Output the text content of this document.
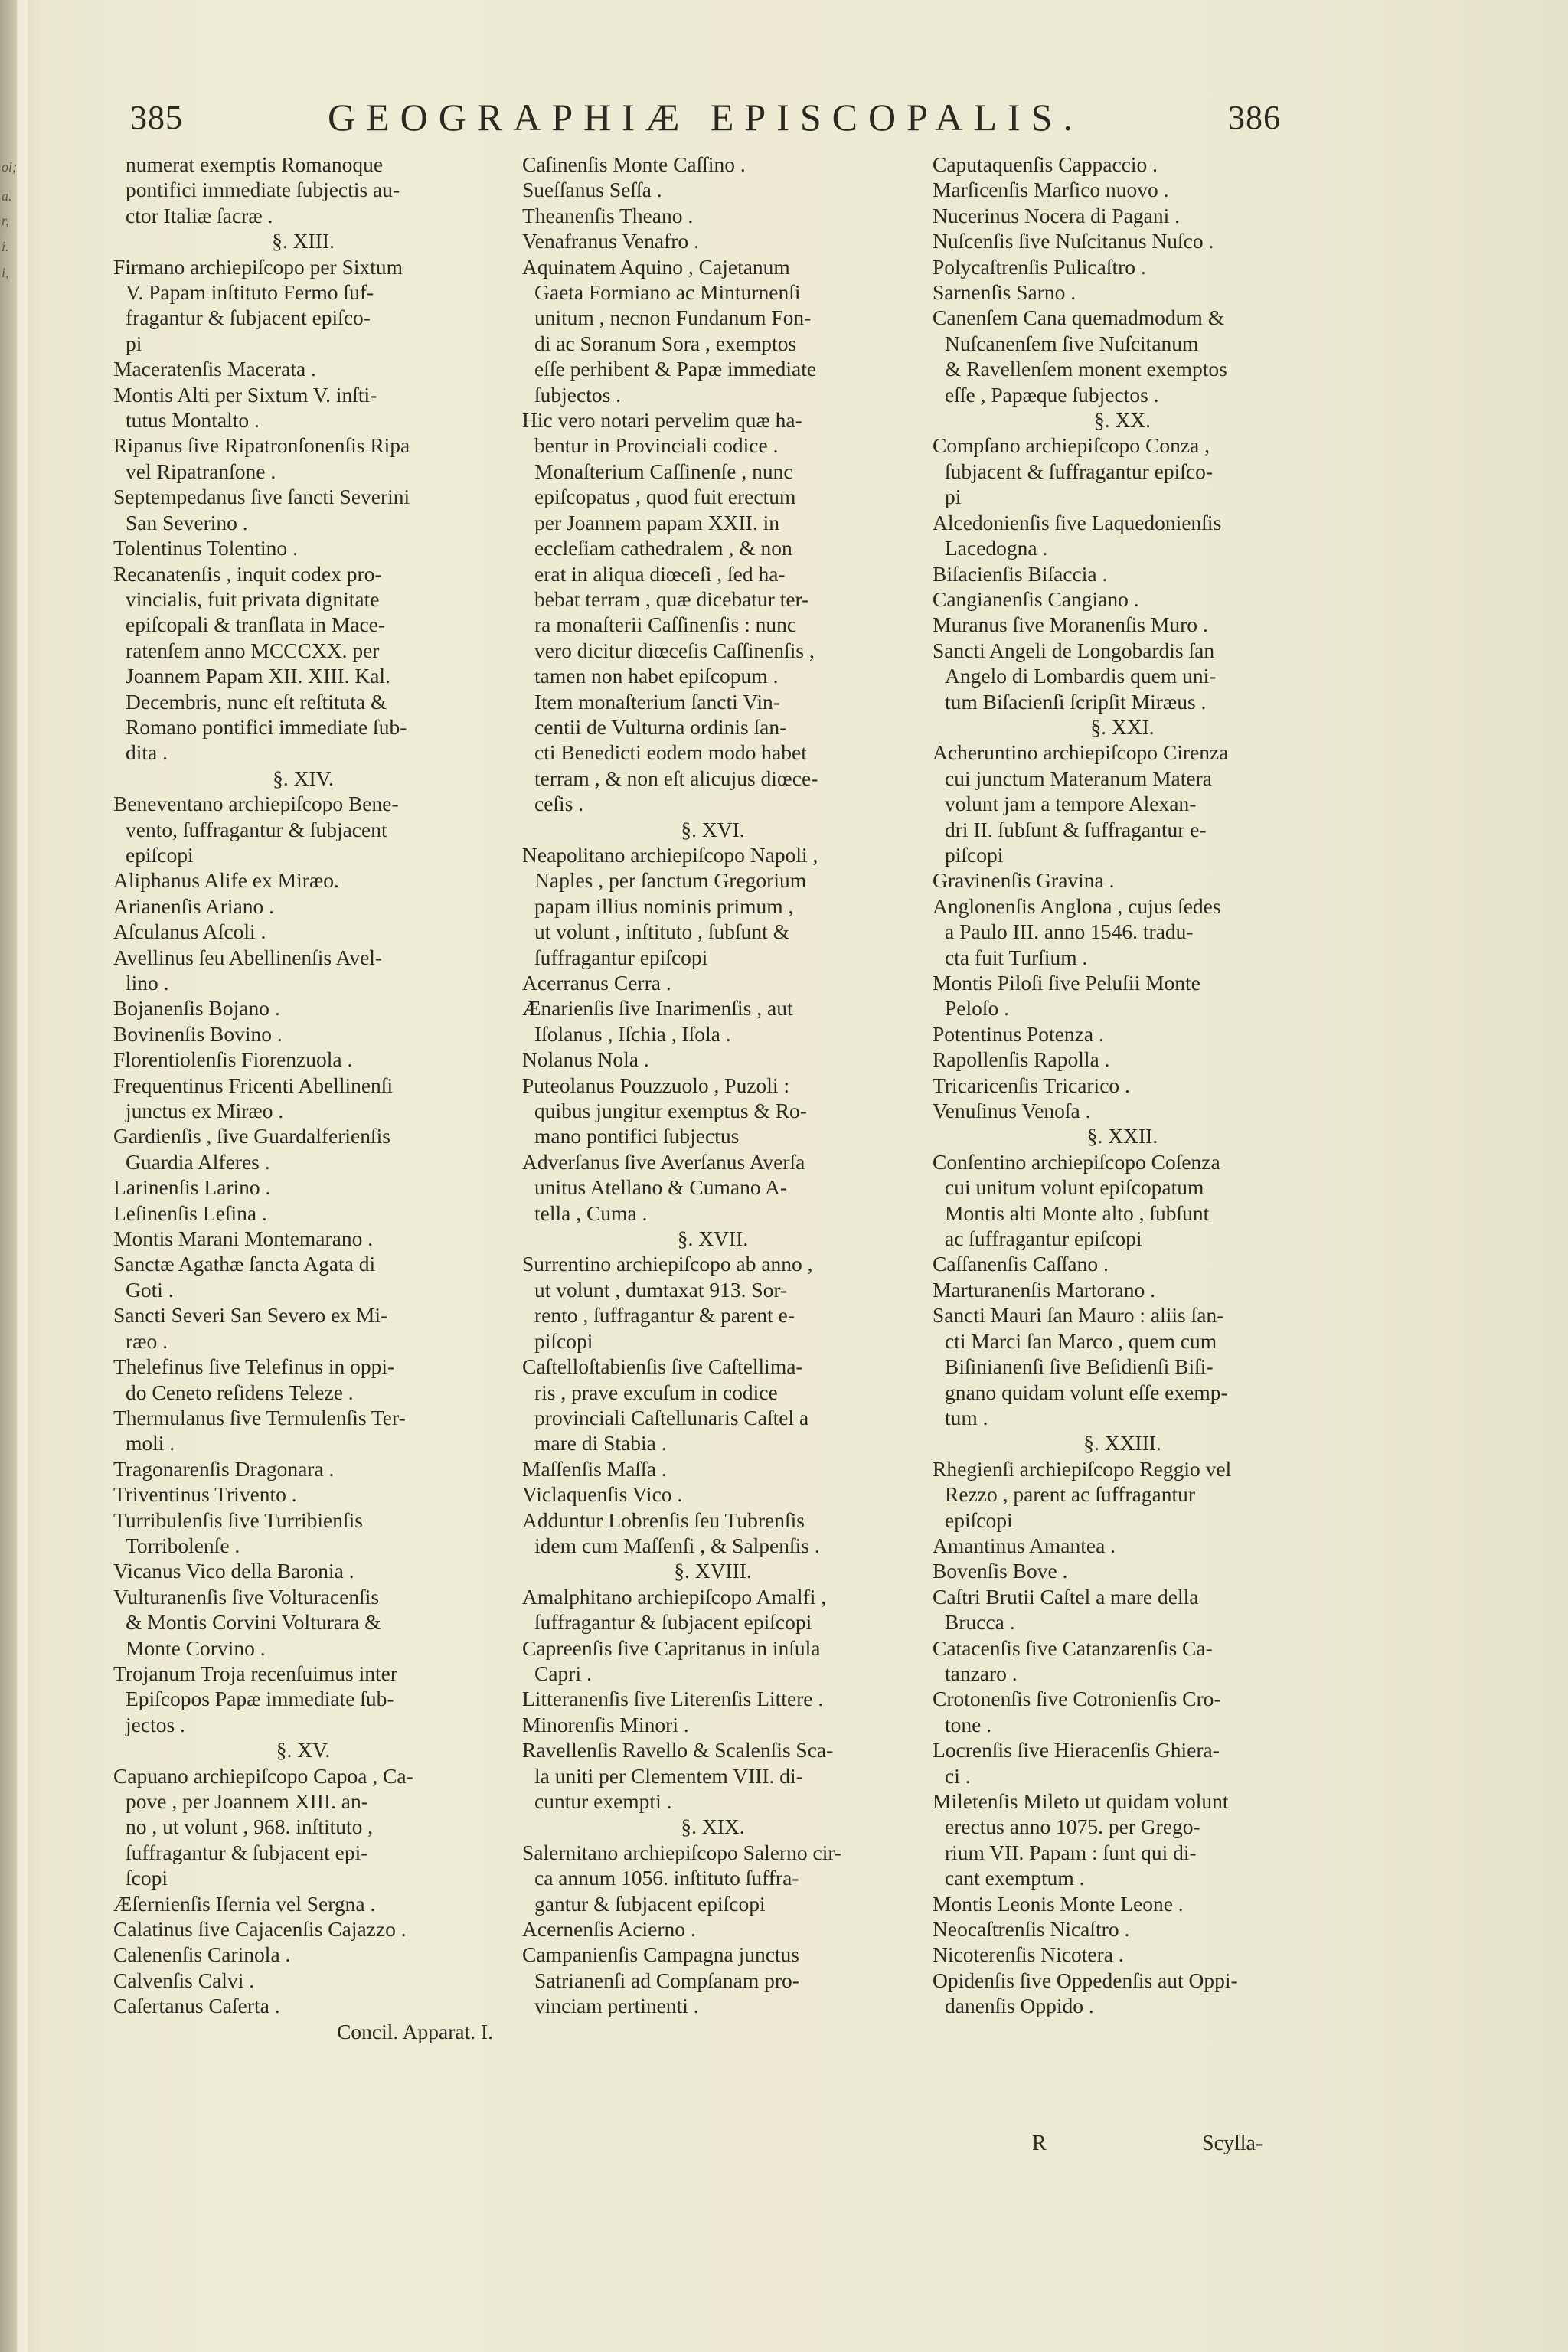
oi;
a.
r,
i.
i,
385	GEOGRAPHIÆ EPISCOPALIS.	386
numerat exemptis Romanoque
pontifici immediate ſubjectis au-
ctor Italiæ ſacræ .
§. XIII.
Firmano archiepiſcopo per Sixtum
V. Papam inſtituto Fermo ſuf-
fragantur & ſubjacent epiſco-
pi
Maceratenſis Macerata .
Montis Alti per Sixtum V. inſti-
tutus Montalto .
Ripanus ſive Ripatronſonenſis Ripa
vel Ripatranſone .
Septempedanus ſive ſancti Severini
San Severino .
Tolentinus Tolentino .
Recanatenſis , inquit codex pro-
vincialis, fuit privata dignitate
epiſcopali & tranſlata in Mace-
ratenſem anno MCCCXX. per
Joannem Papam XII. XIII. Kal.
Decembris, nunc eſt reſtituta &
Romano pontifici immediate ſub-
dita .
§. XIV.
Beneventano archiepiſcopo Bene-
vento, ſuffragantur & ſubjacent
epiſcopi
Aliphanus Alife ex Miræo.
Arianenſis Ariano .
Aſculanus Aſcoli .
Avellinus ſeu Abellinenſis Avel-
lino .
Bojanenſis Bojano .
Bovinenſis Bovino .
Florentiolenſis Fiorenzuola .
Frequentinus Fricenti Abellinenſi
junctus ex Miræo .
Gardienſis , ſive Guardalferienſis
Guardia Alferes .
Larinenſis Larino .
Leſinenſis Leſina .
Montis Marani Montemarano .
Sanctæ Agathæ ſancta Agata di
Goti .
Sancti Severi San Severo ex Mi-
ræo .
Thelefinus ſive Telefinus in oppi-
do Ceneto reſidens Teleze .
Thermulanus ſive Termulenſis Ter-
moli .
Tragonarenſis Dragonara .
Triventinus Trivento .
Turribulenſis ſive Turribienſis
Torribolenſe .
Vicanus Vico della Baronia .
Vulturanenſis ſive Volturacenſis
& Montis Corvini Volturara &
Monte Corvino .
Trojanum Troja recenſuimus inter
Epiſcopos Papæ immediate ſub-
jectos .
§. XV.
Capuano archiepiſcopo Capoa , Ca-
pove , per Joannem XIII. an-
no , ut volunt , 968. inſtituto ,
ſuffragantur & ſubjacent epi-
ſcopi
Æſernienſis Iſernia vel Sergna .
Calatinus ſive Cajacenſis Cajazzo .
Calenenſis Carinola .
Calvenſis Calvi .
Caſertanus Caſerta .
Concil. Apparat. I.
Caſinenſis Monte Caſſino .
Sueſſanus Seſſa .
Theanenſis Theano .
Venafranus Venafro .
Aquinatem Aquino , Cajetanum
Gaeta Formiano ac Minturnenſi
unitum , necnon Fundanum Fon-
di ac Soranum Sora , exemptos
eſſe perhibent & Papæ immediate
ſubjectos .
Hic vero notari pervelim quæ ha-
bentur in Provinciali codice .
Monaſterium Caſſinenſe , nunc
epiſcopatus , quod fuit erectum
per Joannem papam XXII. in
eccleſiam cathedralem , & non
erat in aliqua diœceſi , ſed ha-
bebat terram , quæ dicebatur ter-
ra monaſterii Caſſinenſis : nunc
vero dicitur diœceſis Caſſinenſis ,
tamen non habet epiſcopum .
Item monaſterium ſancti Vin-
centii de Vulturna ordinis ſan-
cti Benedicti eodem modo habet
terram , & non eſt alicujus diœce-
ceſis .
§. XVI.
Neapolitano archiepiſcopo Napoli ,
Naples , per ſanctum Gregorium
papam illius nominis primum ,
ut volunt , inſtituto , ſubſunt &
ſuffragantur epiſcopi
Acerranus Cerra .
Ænarienſis ſive Inarimenſis , aut
Iſolanus , Iſchia , Iſola .
Nolanus Nola .
Puteolanus Pouzzuolo , Puzoli :
quibus jungitur exemptus & Ro-
mano pontifici ſubjectus
Adverſanus ſive Averſanus Averſa
unitus Atellano & Cumano A-
tella , Cuma .
§. XVII.
Surrentino archiepiſcopo ab anno ,
ut volunt , dumtaxat 913. Sor-
rento , ſuffragantur & parent e-
piſcopi
Caſtelloſtabienſis ſive Caſtellima-
ris , prave excuſum in codice
provinciali Caſtellunaris Caſtel a
mare di Stabia .
Maſſenſis Maſſa .
Viclaquenſis Vico .
Adduntur Lobrenſis ſeu Tubrenſis
idem cum Maſſenſi , & Salpenſis .
§. XVIII.
Amalphitano archiepiſcopo Amalfi ,
ſuffragantur & ſubjacent epiſcopi
Capreenſis ſive Capritanus in inſula
Capri .
Litteranenſis ſive Literenſis Littere .
Minorenſis Minori .
Ravellenſis Ravello & Scalenſis Sca-
la uniti per Clementem VIII. di-
cuntur exempti .
§. XIX.
Salernitano archiepiſcopo Salerno cir-
ca annum 1056. inſtituto ſuffra-
gantur & ſubjacent epiſcopi
Acernenſis Acierno .
Campanienſis Campagna junctus
Satrianenſi ad Compſanam pro-
vinciam pertinenti .
Caputaquenſis Cappaccio .
Marſicenſis Marſico nuovo .
Nucerinus Nocera di Pagani .
Nuſcenſis ſive Nuſcitanus Nuſco .
Polycaſtrenſis Pulicaſtro .
Sarnenſis Sarno .
Canenſem Cana quemadmodum &
Nuſcanenſem ſive Nuſcitanum
& Ravellenſem monent exemptos
eſſe , Papæque ſubjectos .
§. XX.
Compſano archiepiſcopo Conza ,
ſubjacent & ſuffragantur epiſco-
pi
Alcedonienſis ſive Laquedonienſis
Lacedogna .
Biſacienſis Biſaccia .
Cangianenſis Cangiano .
Muranus ſive Moranenſis Muro .
Sancti Angeli de Longobardis ſan
Angelo di Lombardis quem uni-
tum Biſacienſi ſcripſit Miræus .
§. XXI.
Acheruntino archiepiſcopo Cirenza
cui junctum Materanum Matera
volunt jam a tempore Alexan-
dri II. ſubſunt & ſuffragantur e-
piſcopi
Gravinenſis Gravina .
Anglonenſis Anglona , cujus ſedes
a Paulo III. anno 1546. tradu-
cta fuit Turſium .
Montis Piloſi ſive Peluſii Monte
Peloſo .
Potentinus Potenza .
Rapollenſis Rapolla .
Tricaricenſis Tricarico .
Venuſinus Venoſa .
§. XXII.
Conſentino archiepiſcopo Coſenza
cui unitum volunt epiſcopatum
Montis alti Monte alto , ſubſunt
ac ſuffragantur epiſcopi
Caſſanenſis Caſſano .
Marturanenſis Martorano .
Sancti Mauri ſan Mauro : aliis ſan-
cti Marci ſan Marco , quem cum
Biſinianenſi ſive Beſidienſi Biſi-
gnano quidam volunt eſſe exemp-
tum .
§. XXIII.
Rhegienſi archiepiſcopo Reggio vel
Rezzo , parent ac ſuffragantur
epiſcopi
Amantinus Amantea .
Bovenſis Bove .
Caſtri Brutii Caſtel a mare della
Brucca .
Catacenſis ſive Catanzarenſis Ca-
tanzaro .
Crotonenſis ſive Cotronienſis Cro-
tone .
Locrenſis ſive Hieracenſis Ghiera-
ci .
Miletenſis Mileto ut quidam volunt
erectus anno 1075. per Grego-
rium VII. Papam : ſunt qui di-
cant exemptum .
Montis Leonis Monte Leone .
Neocaſtrenſis Nicaſtro .
Nicoterenſis Nicotera .
Opidenſis ſive Oppedenſis aut Oppi-
danenſis Oppido .
R	Scylla-
